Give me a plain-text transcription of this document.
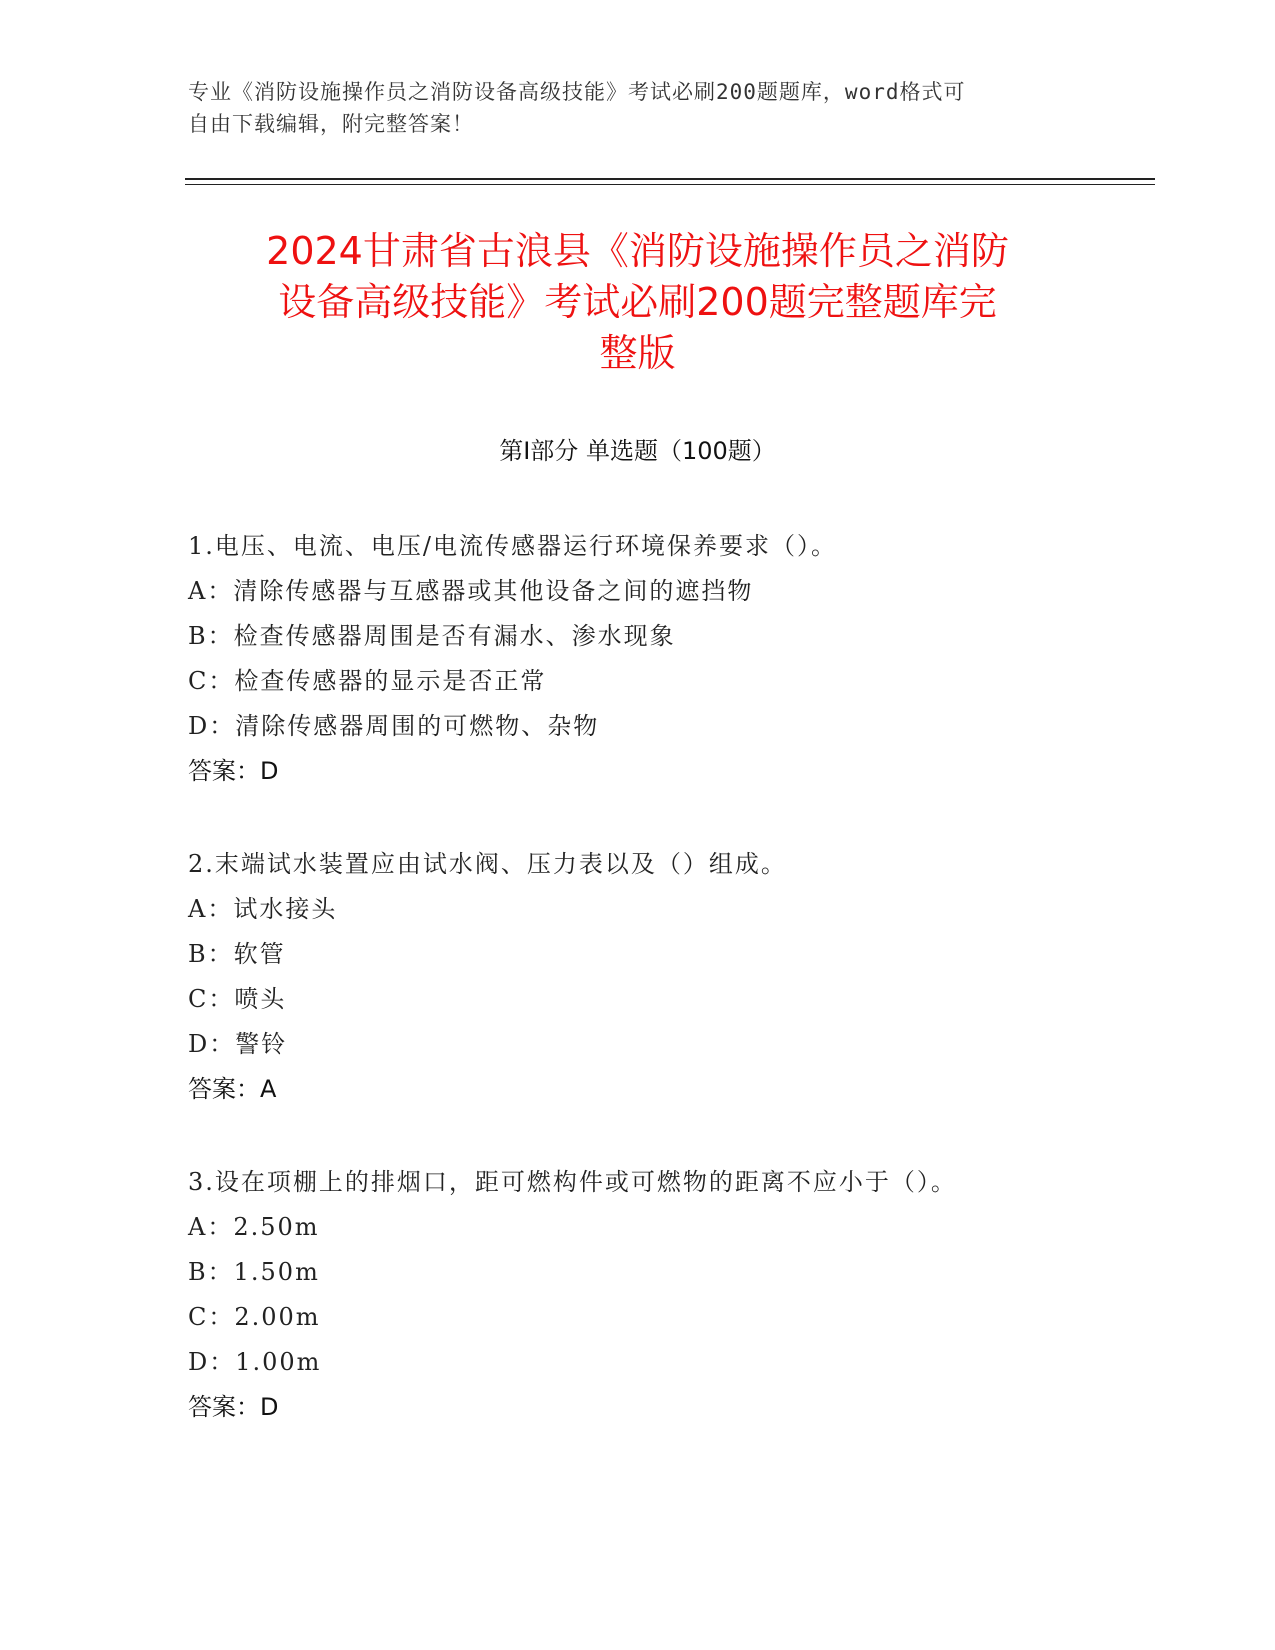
专业《消防设施操作员之消防设备高级技能》考试必刷200题题库，word格式可
自由下载编辑，附完整答案！

2024甘肃省古浪县《消防设施操作员之消防
设备高级技能》考试必刷200题完整题库完
整版
第I部分 单选题（100题）
1.电压、电流、电压/电流传感器运行环境保养要求（）。
A：清除传感器与互感器或其他设备之间的遮挡物
B：检查传感器周围是否有漏水、渗水现象
C：检查传感器的显示是否正常
D：清除传感器周围的可燃物、杂物
答案：D
2.末端试水装置应由试水阀、压力表以及（）组成。
A：试水接头
B：软管
C：喷头
D：警铃
答案：A
3.设在项棚上的排烟口，距可燃构件或可燃物的距离不应小于（）。
A：2.50m
B：1.50m
C：2.00m
D：1.00m
答案：D
